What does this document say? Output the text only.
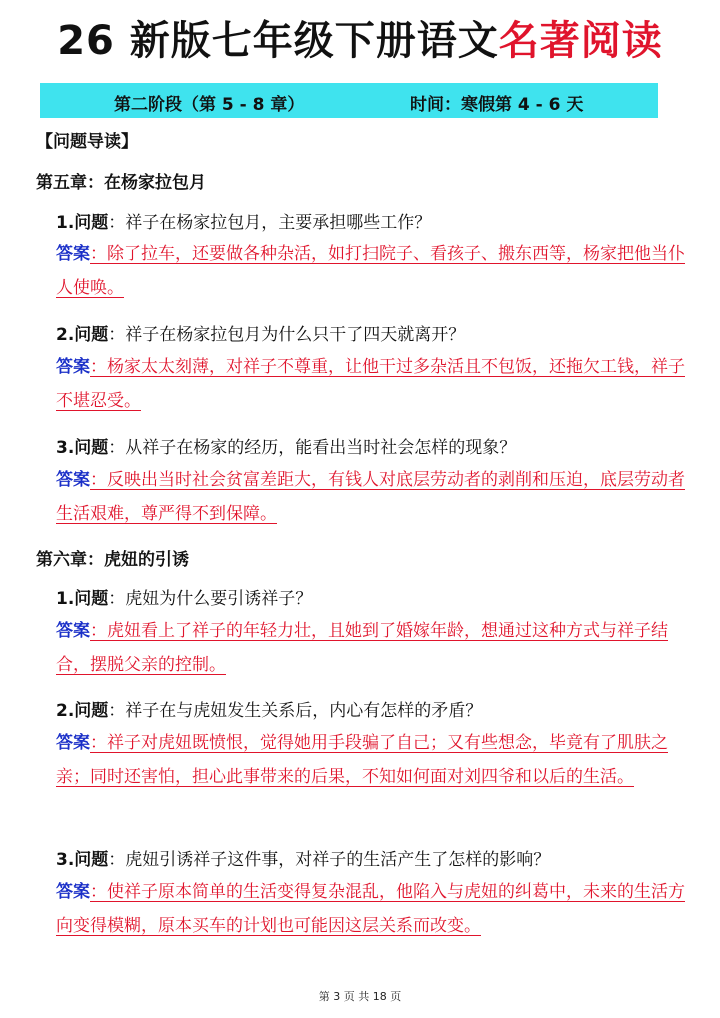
26 新版七年级下册语文名著阅读
第二阶段（第 5 - 8 章）	时间：寒假第 4 - 6 天
【问题导读】
第五章：在杨家拉包月
1.问题：祥子在杨家拉包月，主要承担哪些工作？
答案：除了拉车，还要做各种杂活，如打扫院子、看孩子、搬东西等，杨家把他当仆人使唤。
2.问题：祥子在杨家拉包月为什么只干了四天就离开？
答案：杨家太太刻薄，对祥子不尊重，让他干过多杂活且不包饭，还拖欠工钱，祥子不堪忍受。
3.问题：从祥子在杨家的经历，能看出当时社会怎样的现象？
答案：反映出当时社会贫富差距大，有钱人对底层劳动者的剥削和压迫，底层劳动者生活艰难，尊严得不到保障。
第六章：虎妞的引诱
1.问题：虎妞为什么要引诱祥子？
答案：虎妞看上了祥子的年轻力壮，且她到了婚嫁年龄，想通过这种方式与祥子结合，摆脱父亲的控制。
2.问题：祥子在与虎妞发生关系后，内心有怎样的矛盾？
答案：祥子对虎妞既愤恨，觉得她用手段骗了自己；又有些想念，毕竟有了肌肤之亲；同时还害怕，担心此事带来的后果，不知如何面对刘四爷和以后的生活。
3.问题：虎妞引诱祥子这件事，对祥子的生活产生了怎样的影响？
答案：使祥子原本简单的生活变得复杂混乱，他陷入与虎妞的纠葛中，未来的生活方向变得模糊，原本买车的计划也可能因这层关系而改变。
第 3 页 共 18 页
